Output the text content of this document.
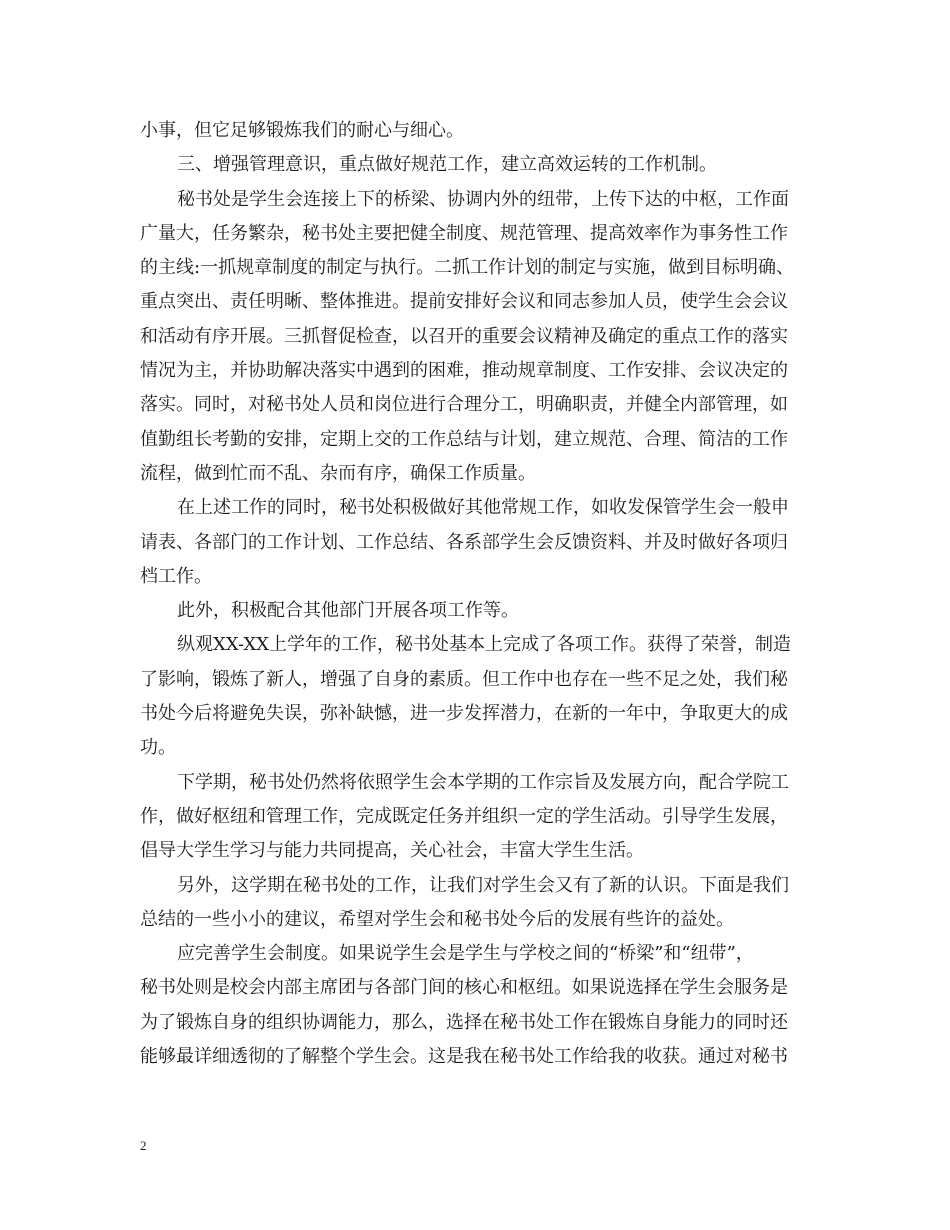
小事，但它足够锻炼我们的耐心与细心。
三、增强管理意识，重点做好规范工作，建立高效运转的工作机制。
秘书处是学生会连接上下的桥梁、协调内外的纽带，上传下达的中枢，工作面
广量大，任务繁杂，秘书处主要把健全制度、规范管理、提高效率作为事务性工作
的主线:一抓规章制度的制定与执行。二抓工作计划的制定与实施，做到目标明确、
重点突出、责任明晰、整体推进。提前安排好会议和同志参加人员，使学生会会议
和活动有序开展。三抓督促检查，以召开的重要会议精神及确定的重点工作的落实
情况为主，并协助解决落实中遇到的困难，推动规章制度、工作安排、会议决定的
落实。同时，对秘书处人员和岗位进行合理分工，明确职责，并健全内部管理，如
值勤组长考勤的安排，定期上交的工作总结与计划，建立规范、合理、简洁的工作
流程，做到忙而不乱、杂而有序，确保工作质量。
在上述工作的同时，秘书处积极做好其他常规工作，如收发保管学生会一般申
请表、各部门的工作计划、工作总结、各系部学生会反馈资料、并及时做好各项归
档工作。
此外，积极配合其他部门开展各项工作等。
纵观XX-XX上学年的工作，秘书处基本上完成了各项工作。获得了荣誉，制造
了影响，锻炼了新人，增强了自身的素质。但工作中也存在一些不足之处，我们秘
书处今后将避免失误，弥补缺憾，进一步发挥潜力，在新的一年中，争取更大的成
功。
下学期，秘书处仍然将依照学生会本学期的工作宗旨及发展方向，配合学院工
作，做好枢纽和管理工作，完成既定任务并组织一定的学生活动。引导学生发展，
倡导大学生学习与能力共同提高，关心社会，丰富大学生生活。
另外，这学期在秘书处的工作，让我们对学生会又有了新的认识。下面是我们
总结的一些小小的建议，希望对学生会和秘书处今后的发展有些许的益处。
应完善学生会制度。如果说学生会是学生与学校之间的“桥梁”和“纽带”，
秘书处则是校会内部主席团与各部门间的核心和枢纽。如果说选择在学生会服务是
为了锻炼自身的组织协调能力，那么，选择在秘书处工作在锻炼自身能力的同时还
能够最详细透彻的了解整个学生会。这是我在秘书处工作给我的收获。通过对秘书
2
